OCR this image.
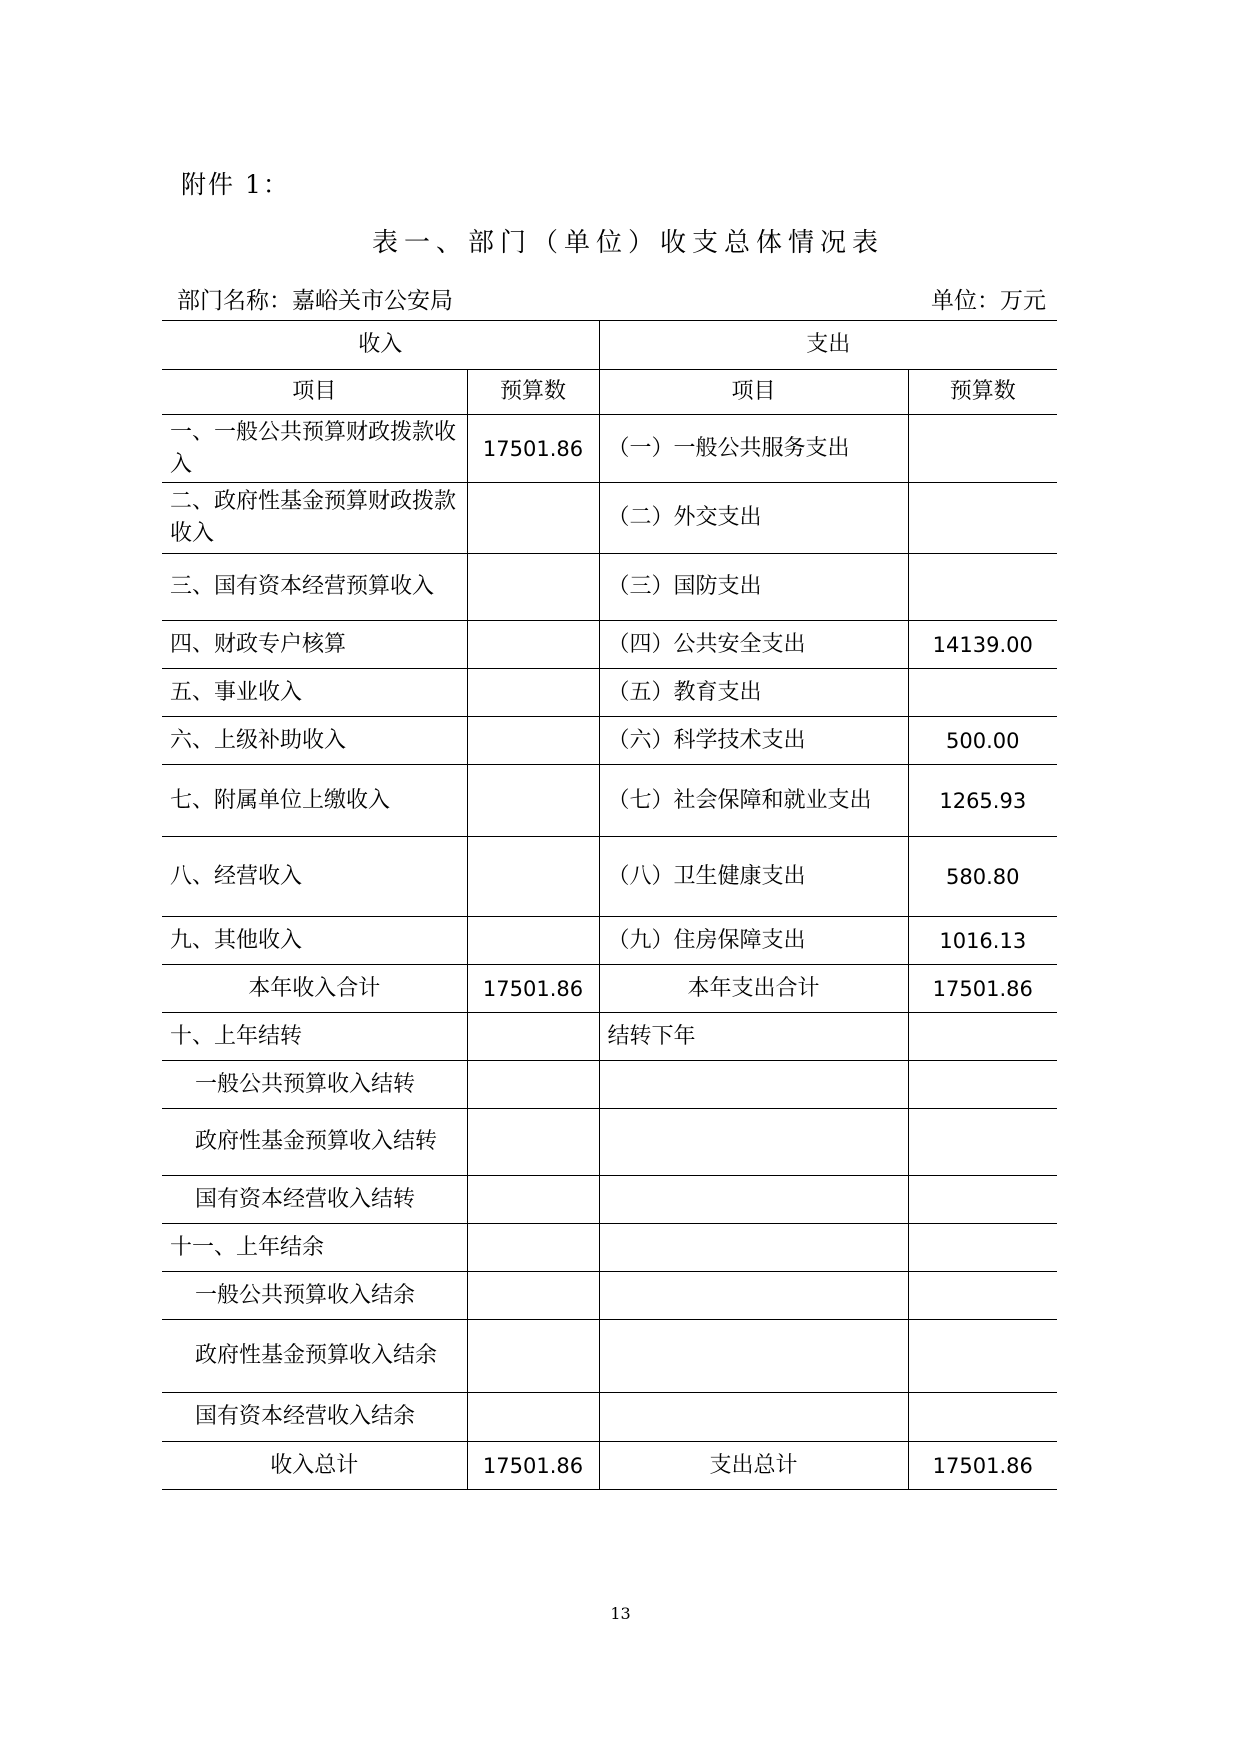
附件 1：
表一、部门（单位）收支总体情况表
部门名称：嘉峪关市公安局	单位：万元
收入		支出	
项目	预算数	项目	预算数
一、一般公共预算财政拨款收入	17501.86	（一）一般公共服务支出	
二、政府性基金预算财政拨款收入		（二）外交支出	
三、国有资本经营预算收入		（三）国防支出	
四、财政专户核算		（四）公共安全支出	14139.00
五、事业收入		（五）教育支出	
六、上级补助收入		（六）科学技术支出	500.00
七、附属单位上缴收入		（七）社会保障和就业支出	1265.93
八、经营收入		（八）卫生健康支出	580.80
九、其他收入		（九）住房保障支出	1016.13
本年收入合计	17501.86	本年支出合计	17501.86
十、上年结转		结转下年	
一般公共预算收入结转			
政府性基金预算收入结转			
国有资本经营收入结转			
十一、上年结余			
一般公共预算收入结余			
政府性基金预算收入结余			
国有资本经营收入结余			
收入总计	17501.86	支出总计	17501.86
13
